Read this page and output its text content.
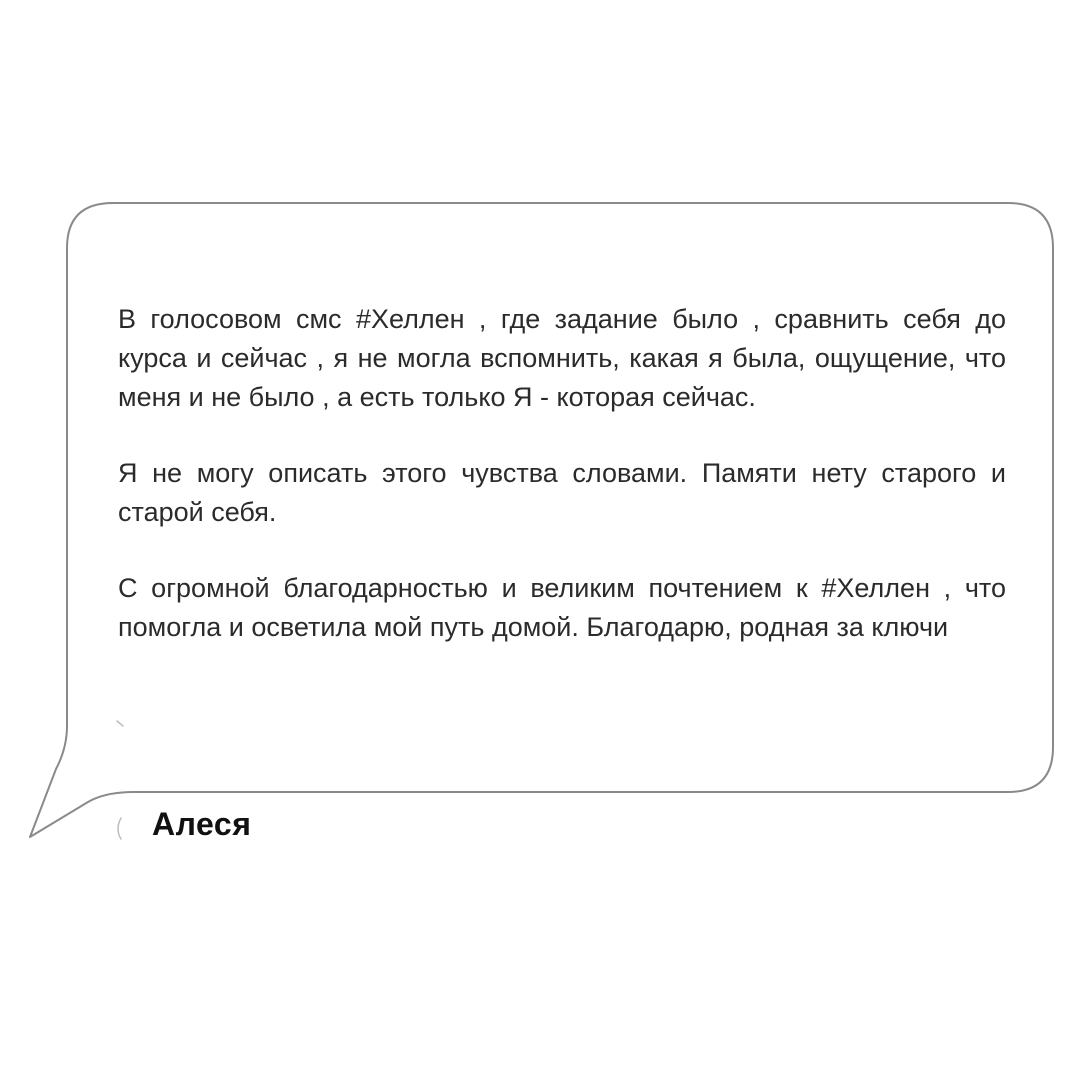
В голосовом смс #Хеллен , где задание было , сравнить себя до курса и сейчас , я не могла вспомнить, какая я была, ощущение, что меня и не было , а есть только Я - которая сейчас.

Я не могу описать этого чувства словами. Памяти нету старого и старой себя.

С огромной благодарностью и великим почтением к #Хеллен , что помогла и осветила мой путь домой. Благодарю, родная за ключи

Алеся
